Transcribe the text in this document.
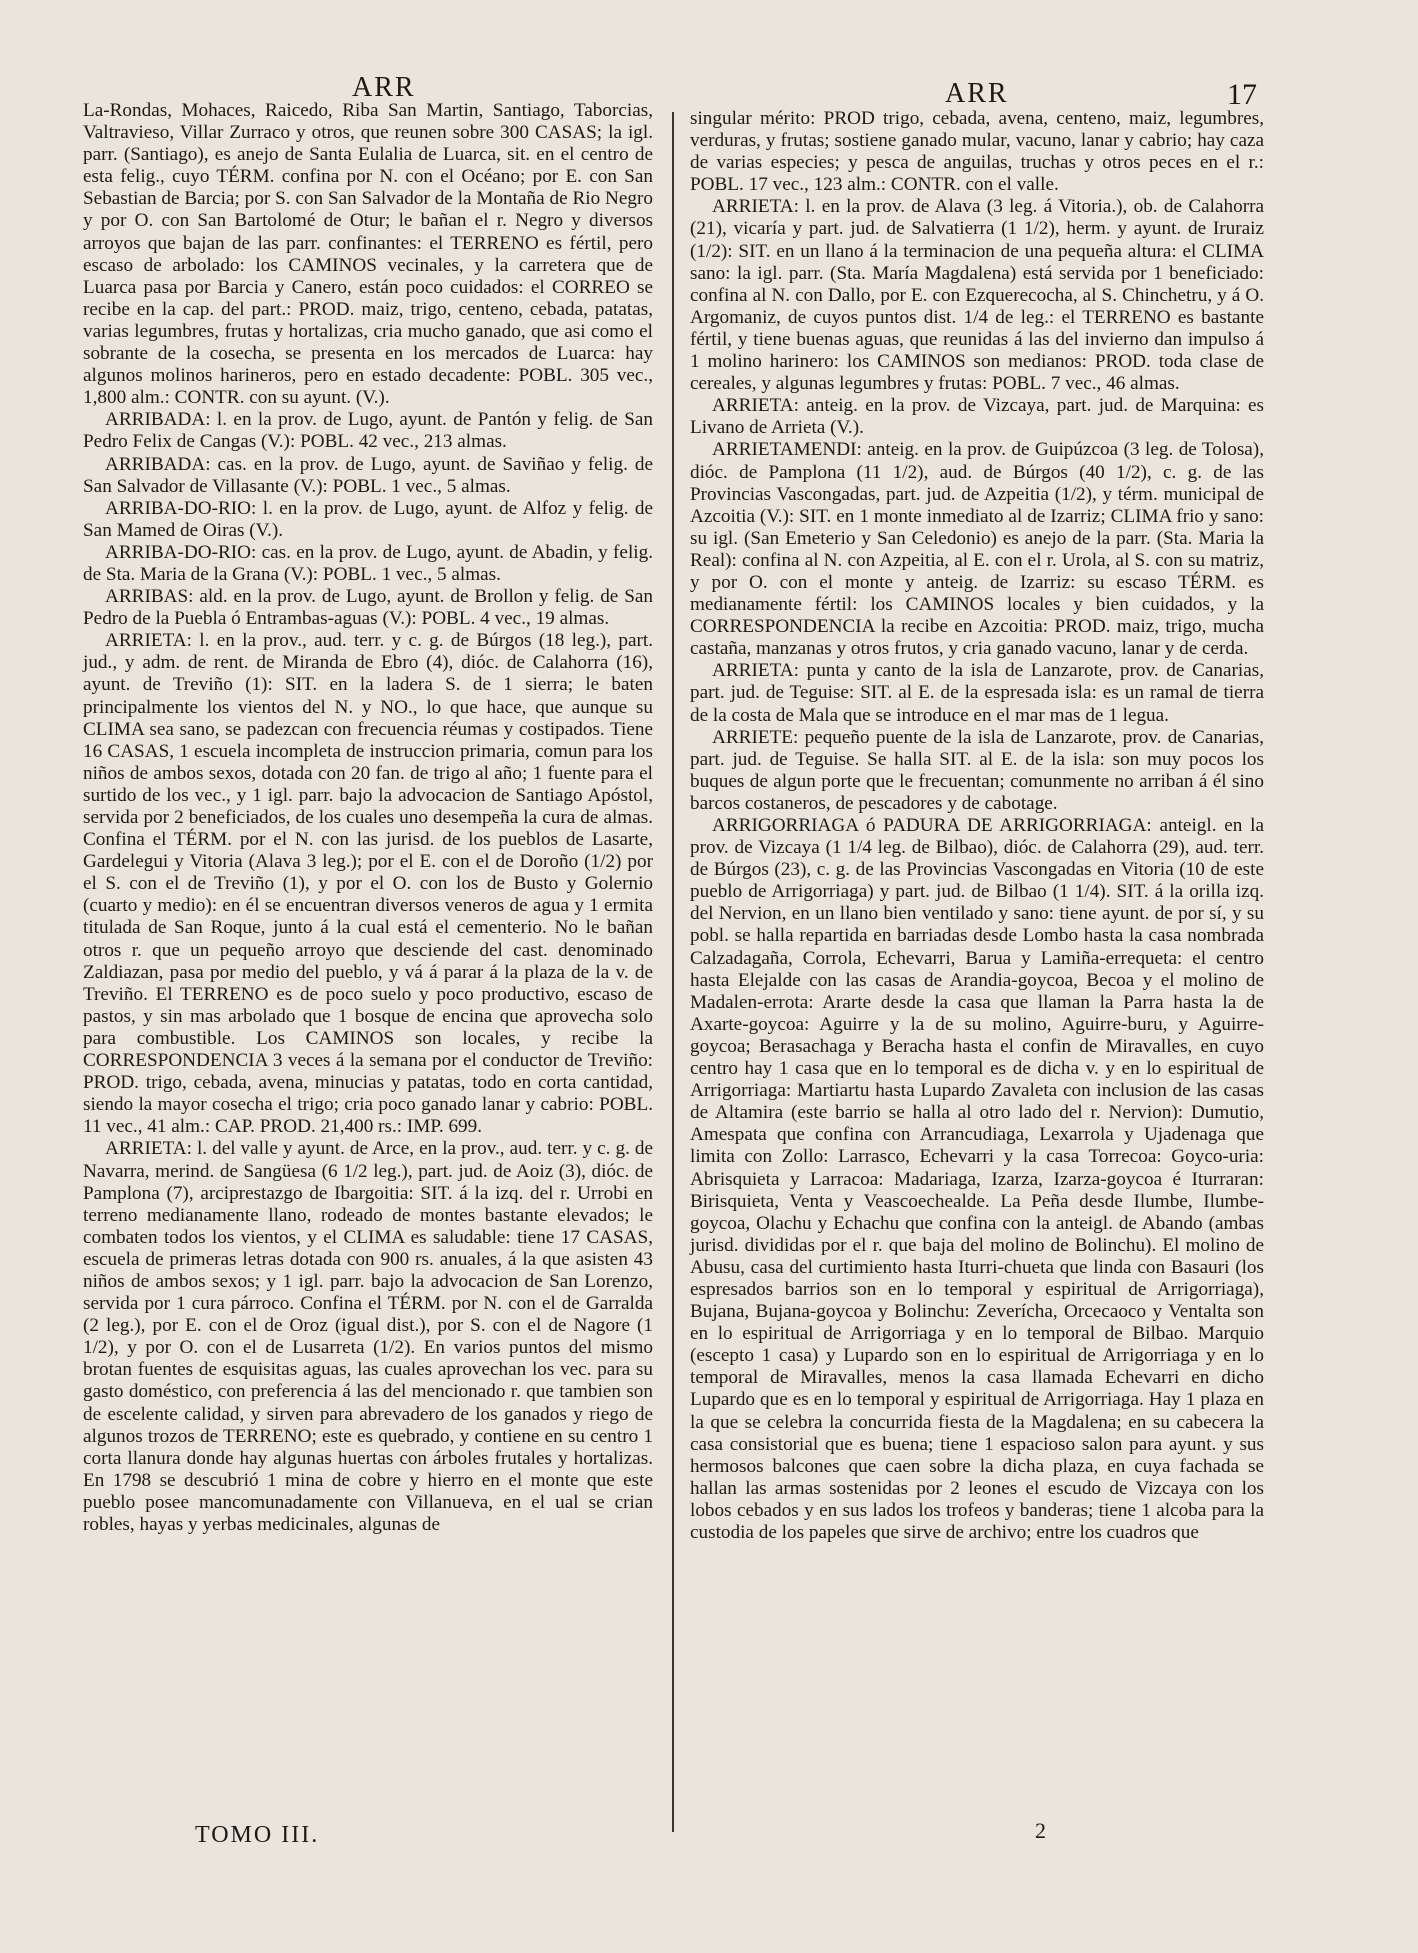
ARR	ARR	17

La-Rondas, Mohaces, Raicedo, Riba San Martin, Santiago, Taborcias, Valtravieso, Villar Zurraco y otros, que reunen sobre 300 CASAS; la igl. parr. (Santiago), es anejo de Santa Eulalia de Luarca, sit. en el centro de esta felig., cuyo TÉRM. confina por N. con el Océano; por E. con San Sebastian de Barcia; por S. con San Salvador de la Montaña de Rio Negro y por O. con San Bartolomé de Otur; le bañan el r. Negro y diversos arroyos que bajan de las parr. confinantes: el TERRENO es fértil, pero escaso de arbolado: los CAMINOS vecinales, y la carretera que de Luarca pasa por Barcia y Canero, están poco cuidados: el CORREO se recibe en la cap. del part.: PROD. maiz, trigo, centeno, cebada, patatas, varias legumbres, frutas y hortalizas, cria mucho ganado, que asi como el sobrante de la cosecha, se presenta en los mercados de Luarca: hay algunos molinos harineros, pero en estado decadente: POBL. 305 vec., 1,800 alm.: CONTR. con su ayunt. (V.).

ARRIBADA: l. en la prov. de Lugo, ayunt. de Pantón y felig. de San Pedro Felix de Cangas (V.): POBL. 42 vec., 213 almas.

ARRIBADA: cas. en la prov. de Lugo, ayunt. de Saviñao y felig. de San Salvador de Villasante (V.): POBL. 1 vec., 5 almas.

ARRIBA-DO-RIO: l. en la prov. de Lugo, ayunt. de Alfoz y felig. de San Mamed de Oiras (V.).

ARRIBA-DO-RIO: cas. en la prov. de Lugo, ayunt. de Abadin, y felig. de Sta. Maria de la Grana (V.): POBL. 1 vec., 5 almas.

ARRIBAS: ald. en la prov. de Lugo, ayunt. de Brollon y felig. de San Pedro de la Puebla ó Entrambas-aguas (V.): POBL. 4 vec., 19 almas.

ARRIETA: l. en la prov., aud. terr. y c. g. de Búrgos (18 leg.), part. jud., y adm. de rent. de Miranda de Ebro (4), dióc. de Calahorra (16), ayunt. de Treviño (1): SIT. en la ladera S. de 1 sierra; le baten principalmente los vientos del N. y NO., lo que hace, que aunque su CLIMA sea sano, se padezcan con frecuencia réumas y costipados. Tiene 16 CASAS, 1 escuela incompleta de instruccion primaria, comun para los niños de ambos sexos, dotada con 20 fan. de trigo al año; 1 fuente para el surtido de los vec., y 1 igl. parr. bajo la advocacion de Santiago Apóstol, servida por 2 beneficiados, de los cuales uno desempeña la cura de almas. Confina el TÉRM. por el N. con las jurisd. de los pueblos de Lasarte, Gardelegui y Vitoria (Alava 3 leg.); por el E. con el de Doroño (1/2) por el S. con el de Treviño (1), y por el O. con los de Busto y Golernio (cuarto y medio): en él se encuentran diversos veneros de agua y 1 ermita titulada de San Roque, junto á la cual está el cementerio. No le bañan otros r. que un pequeño arroyo que desciende del cast. denominado Zaldiazan, pasa por medio del pueblo, y vá á parar á la plaza de la v. de Treviño. El TERRENO es de poco suelo y poco productivo, escaso de pastos, y sin mas arbolado que 1 bosque de encina que aprovecha solo para combustible. Los CAMINOS son locales, y recibe la CORRESPONDENCIA 3 veces á la semana por el conductor de Treviño: PROD. trigo, cebada, avena, minucias y patatas, todo en corta cantidad, siendo la mayor cosecha el trigo; cria poco ganado lanar y cabrio: POBL. 11 vec., 41 alm.: CAP. PROD. 21,400 rs.: IMP. 699.

ARRIETA: l. del valle y ayunt. de Arce, en la prov., aud. terr. y c. g. de Navarra, merind. de Sangüesa (6 1/2 leg.), part. jud. de Aoiz (3), dióc. de Pamplona (7), arciprestazgo de Ibargoitia: SIT. á la izq. del r. Urrobi en terreno medianamente llano, rodeado de montes bastante elevados; le combaten todos los vientos, y el CLIMA es saludable: tiene 17 CASAS, escuela de primeras letras dotada con 900 rs. anuales, á la que asisten 43 niños de ambos sexos; y 1 igl. parr. bajo la advocacion de San Lorenzo, servida por 1 cura párroco. Confina el TÉRM. por N. con el de Garralda (2 leg.), por E. con el de Oroz (igual dist.), por S. con el de Nagore (1 1/2), y por O. con el de Lusarreta (1/2). En varios puntos del mismo brotan fuentes de esquisitas aguas, las cuales aprovechan los vec. para su gasto doméstico, con preferencia á las del mencionado r. que tambien son de escelente calidad, y sirven para abrevadero de los ganados y riego de algunos trozos de TERRENO; este es quebrado, y contiene en su centro 1 corta llanura donde hay algunas huertas con árboles frutales y hortalizas. En 1798 se descubrió 1 mina de cobre y hierro en el monte que este pueblo posee mancomunadamente con Villanueva, en el ual se crian robles, hayas y yerbas medicinales, algunas de

singular mérito: PROD trigo, cebada, avena, centeno, maiz, legumbres, verduras, y frutas; sostiene ganado mular, vacuno, lanar y cabrio; hay caza de varias especies; y pesca de anguilas, truchas y otros peces en el r.: POBL. 17 vec., 123 alm.: CONTR. con el valle.

ARRIETA: l. en la prov. de Alava (3 leg. á Vitoria.), ob. de Calahorra (21), vicaría y part. jud. de Salvatierra (1 1/2), herm. y ayunt. de Iruraiz (1/2): SIT. en un llano á la terminacion de una pequeña altura: el CLIMA sano: la igl. parr. (Sta. María Magdalena) está servida por 1 beneficiado: confina al N. con Dallo, por E. con Ezquerecocha, al S. Chinchetru, y á O. Argomaniz, de cuyos puntos dist. 1/4 de leg.: el TERRENO es bastante fértil, y tiene buenas aguas, que reunidas á las del invierno dan impulso á 1 molino harinero: los CAMINOS son medianos: PROD. toda clase de cereales, y algunas legumbres y frutas: POBL. 7 vec., 46 almas.

ARRIETA: anteig. en la prov. de Vizcaya, part. jud. de Marquina: es Livano de Arrieta (V.).

ARRIETAMENDI: anteig. en la prov. de Guipúzcoa (3 leg. de Tolosa), dióc. de Pamplona (11 1/2), aud. de Búrgos (40 1/2), c. g. de las Provincias Vascongadas, part. jud. de Azpeitia (1/2), y térm. municipal de Azcoitia (V.): SIT. en 1 monte inmediato al de Izarriz; CLIMA frio y sano: su igl. (San Emeterio y San Celedonio) es anejo de la parr. (Sta. Maria la Real): confina al N. con Azpeitia, al E. con el r. Urola, al S. con su matriz, y por O. con el monte y anteig. de Izarriz: su escaso TÉRM. es medianamente fértil: los CAMINOS locales y bien cuidados, y la CORRESPONDENCIA la recibe en Azcoitia: PROD. maiz, trigo, mucha castaña, manzanas y otros frutos, y cria ganado vacuno, lanar y de cerda.

ARRIETA: punta y canto de la isla de Lanzarote, prov. de Canarias, part. jud. de Teguise: SIT. al E. de la espresada isla: es un ramal de tierra de la costa de Mala que se introduce en el mar mas de 1 legua.

ARRIETE: pequeño puente de la isla de Lanzarote, prov. de Canarias, part. jud. de Teguise. Se halla SIT. al E. de la isla: son muy pocos los buques de algun porte que le frecuentan; comunmente no arriban á él sino barcos costaneros, de pescadores y de cabotage.

ARRIGORRIAGA ó PADURA DE ARRIGORRIAGA: anteigl. en la prov. de Vizcaya (1 1/4 leg. de Bilbao), dióc. de Calahorra (29), aud. terr. de Búrgos (23), c. g. de las Provincias Vascongadas en Vitoria (10 de este pueblo de Arrigorriaga) y part. jud. de Bilbao (1 1/4). SIT. á la orilla izq. del Nervion, en un llano bien ventilado y sano: tiene ayunt. de por sí, y su pobl. se halla repartida en barriadas desde Lombo hasta la casa nombrada Calzadagaña, Corrola, Echevarri, Barua y Lamiña-errequeta: el centro hasta Elejalde con las casas de Arandia-goycoa, Becoa y el molino de Madalen-errota: Ararte desde la casa que llaman la Parra hasta la de Axarte-goycoa: Aguirre y la de su molino, Aguirre-buru, y Aguirre-goycoa; Berasachaga y Beracha hasta el confin de Miravalles, en cuyo centro hay 1 casa que en lo temporal es de dicha v. y en lo espiritual de Arrigorriaga: Martiartu hasta Lupardo Zavaleta con inclusion de las casas de Altamira (este barrio se halla al otro lado del r. Nervion): Dumutio, Amespata que confina con Arrancudiaga, Lexarrola y Ujadenaga que limita con Zollo: Larrasco, Echevarri y la casa Torrecoa: Goyco-uria: Abrisquieta y Larracoa: Madariaga, Izarza, Izarza-goycoa é Iturraran: Birisquieta, Venta y Veascoechealde. La Peña desde Ilumbe, Ilumbe-goycoa, Olachu y Echachu que confina con la anteigl. de Abando (ambas jurisd. divididas por el r. que baja del molino de Bolinchu). El molino de Abusu, casa del curtimiento hasta Iturri-chueta que linda con Basauri (los espresados barrios son en lo temporal y espiritual de Arrigorriaga), Bujana, Bujana-goycoa y Bolinchu: Zeverícha, Orcecaoco y Ventalta son en lo espiritual de Arrigorriaga y en lo temporal de Bilbao. Marquio (escepto 1 casa) y Lupardo son en lo espiritual de Arrigorriaga y en lo temporal de Miravalles, menos la casa llamada Echevarri en dicho Lupardo que es en lo temporal y espiritual de Arrigorriaga. Hay 1 plaza en la que se celebra la concurrida fiesta de la Magdalena; en su cabecera la casa consistorial que es buena; tiene 1 espacioso salon para ayunt. y sus hermosos balcones que caen sobre la dicha plaza, en cuya fachada se hallan las armas sostenidas por 2 leones el escudo de Vizcaya con los lobos cebados y en sus lados los trofeos y banderas; tiene 1 alcoba para la custodia de los papeles que sirve de archivo; entre los cuadros que

TOMO III.	2
